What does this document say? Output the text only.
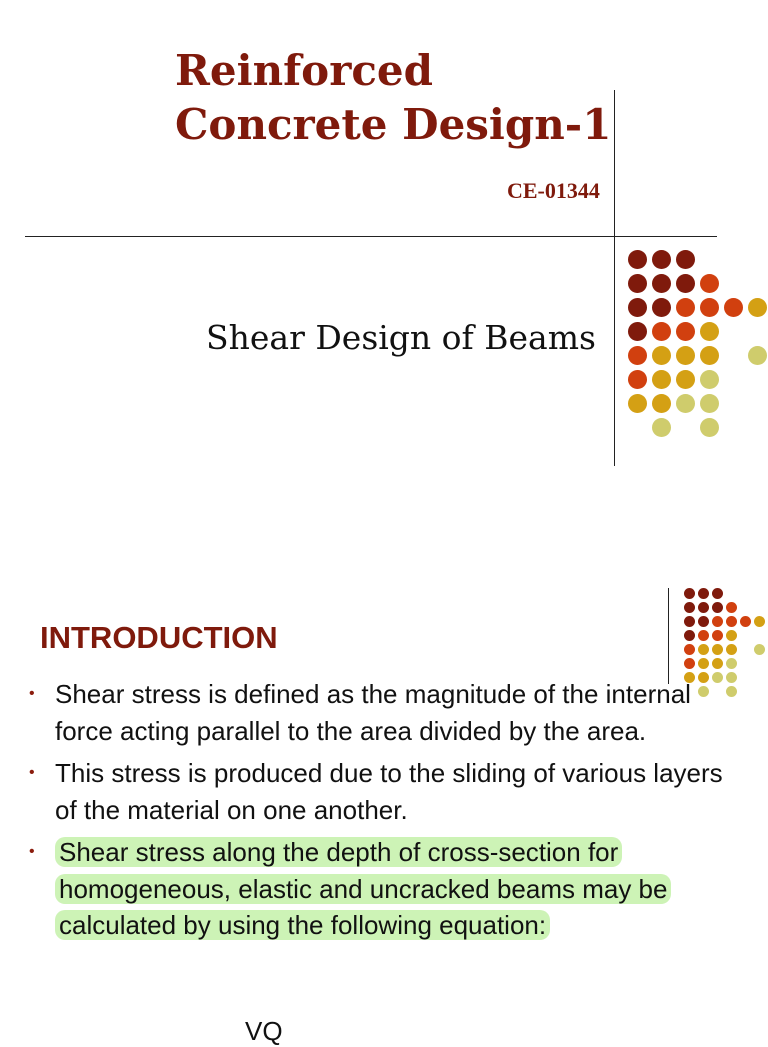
Reinforced
Concrete Design-1
CE-01344
Shear Design of Beams
INTRODUCTION
• Shear stress is defined as the magnitude of the internal force acting parallel to the area divided by the area.
• This stress is produced due to the sliding of various layers of the material on one another.
• Shear stress along the depth of cross-section for homogeneous, elastic and uncracked beams may be calculated by using the following equation:
VQ
